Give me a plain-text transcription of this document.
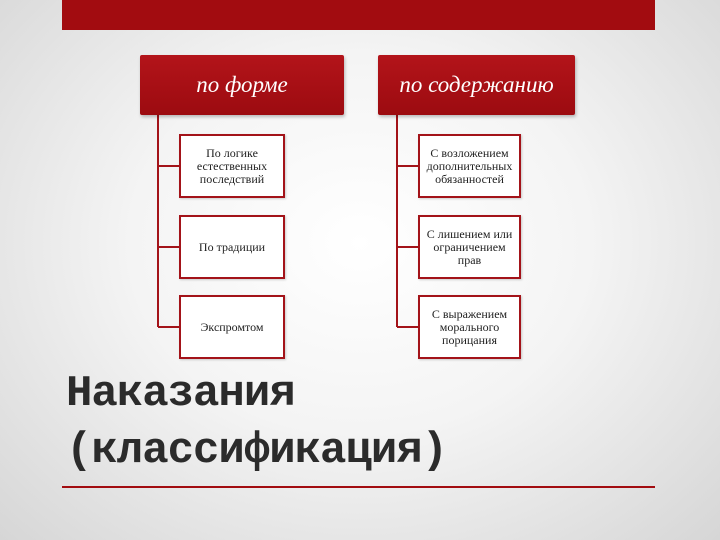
по форме	по содержанию
По логике естественных последствий
По традиции
Экспромтом
С возложением дополнительных обязанностей
С лишением или ограничением прав
С выражением морального порицания
Наказания
(классификация)
